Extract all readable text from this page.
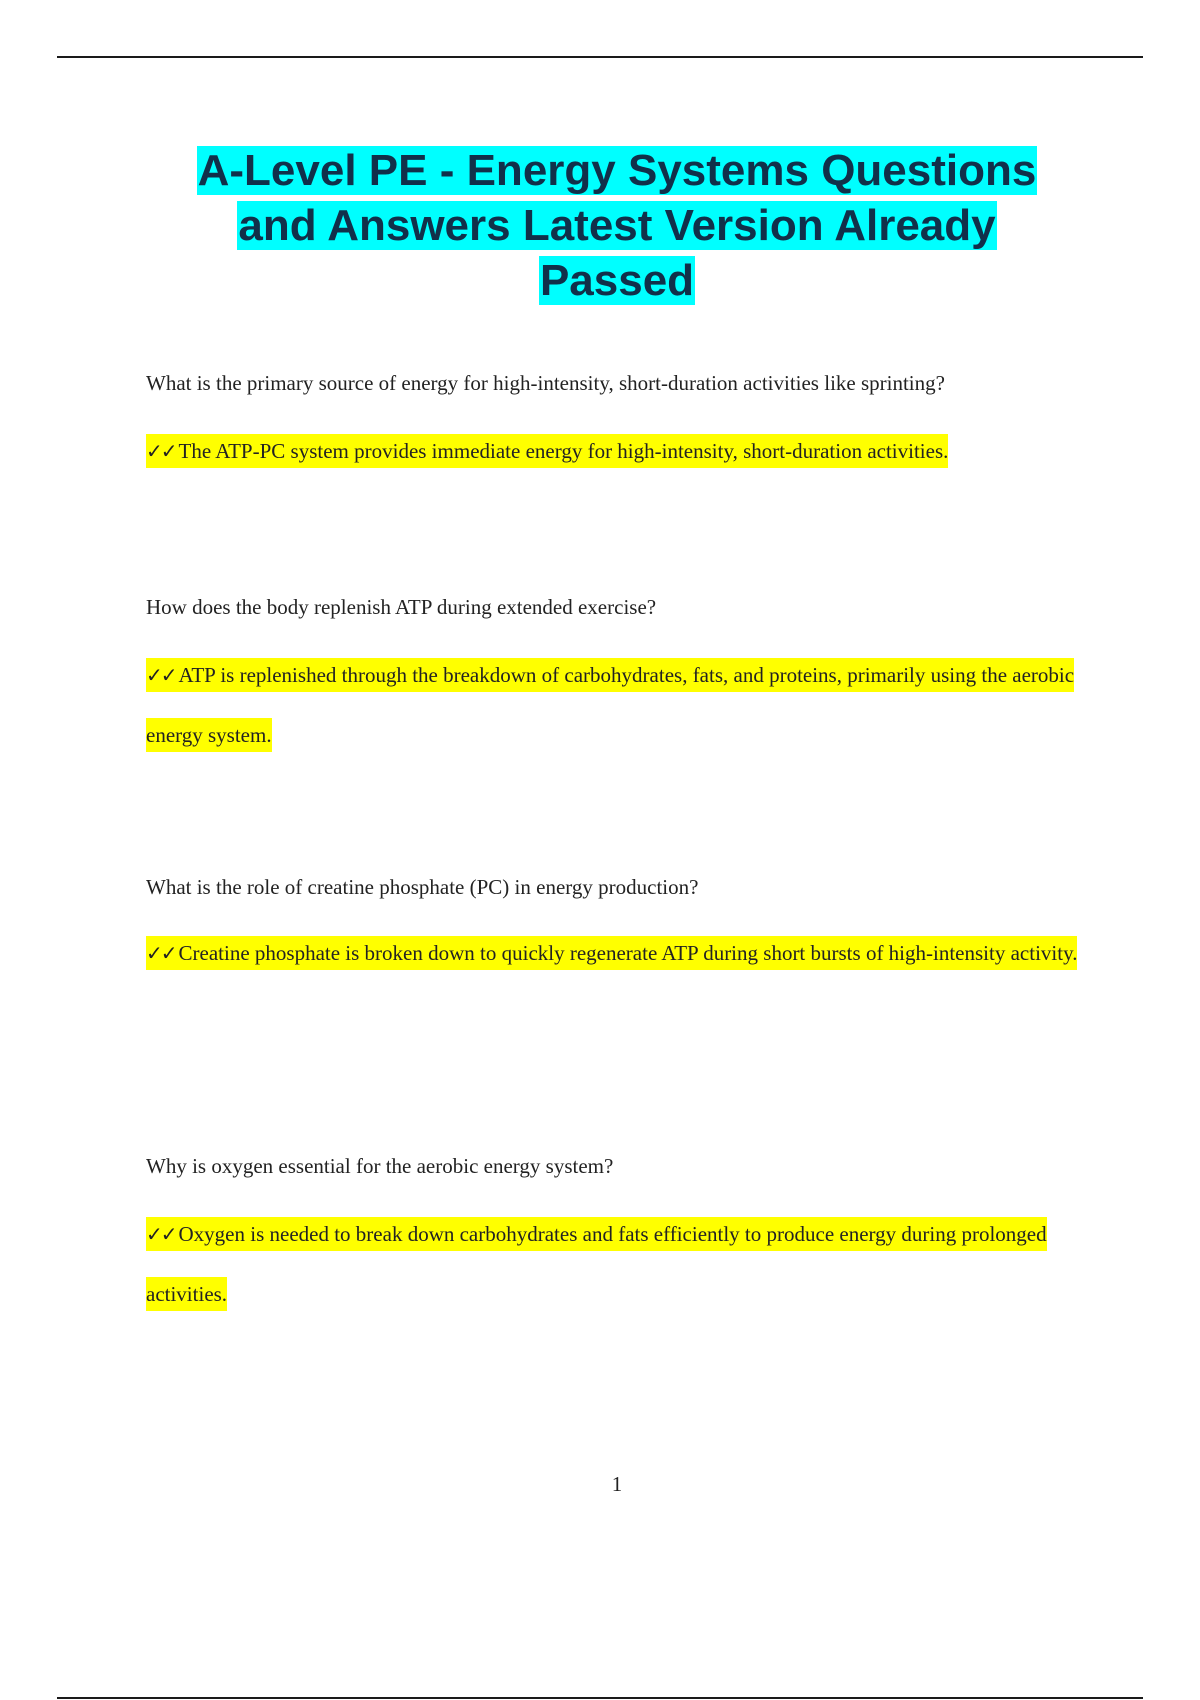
A-Level PE - Energy Systems Questions
and Answers Latest Version Already
Passed

What is the primary source of energy for high-intensity, short-duration activities like sprinting?

✓✓ The ATP-PC system provides immediate energy for high-intensity, short-duration activities.

How does the body replenish ATP during extended exercise?

✓✓ ATP is replenished through the breakdown of carbohydrates, fats, and proteins, primarily using the aerobic energy system.

What is the role of creatine phosphate (PC) in energy production?

✓✓ Creatine phosphate is broken down to quickly regenerate ATP during short bursts of high-intensity activity.

Why is oxygen essential for the aerobic energy system?

✓✓ Oxygen is needed to break down carbohydrates and fats efficiently to produce energy during prolonged activities.

1
